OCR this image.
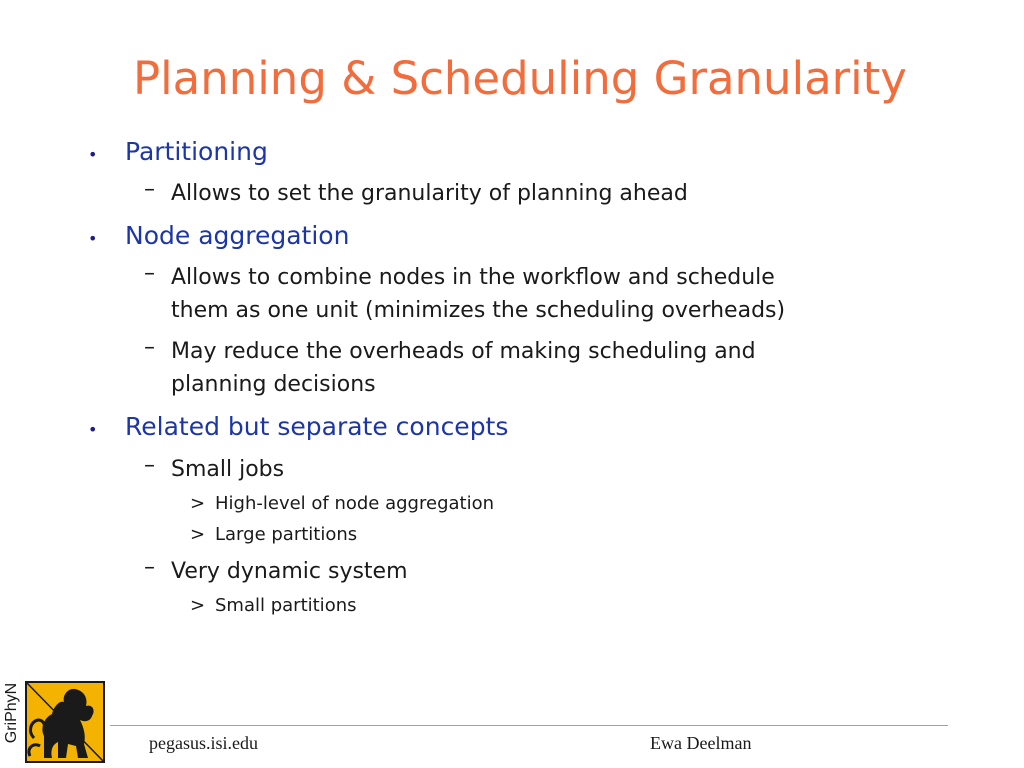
Planning & Scheduling Granularity
• Partitioning
– Allows to set the granularity of planning ahead
• Node aggregation
– Allows to combine nodes in the workflow and schedule
them as one unit (minimizes the scheduling overheads)
– May reduce the overheads of making scheduling and
planning decisions
• Related but separate concepts
– Small jobs
> High-level of node aggregation
> Large partitions
– Very dynamic system
> Small partitions
GriPhyN	pegasus.isi.edu	Ewa Deelman
